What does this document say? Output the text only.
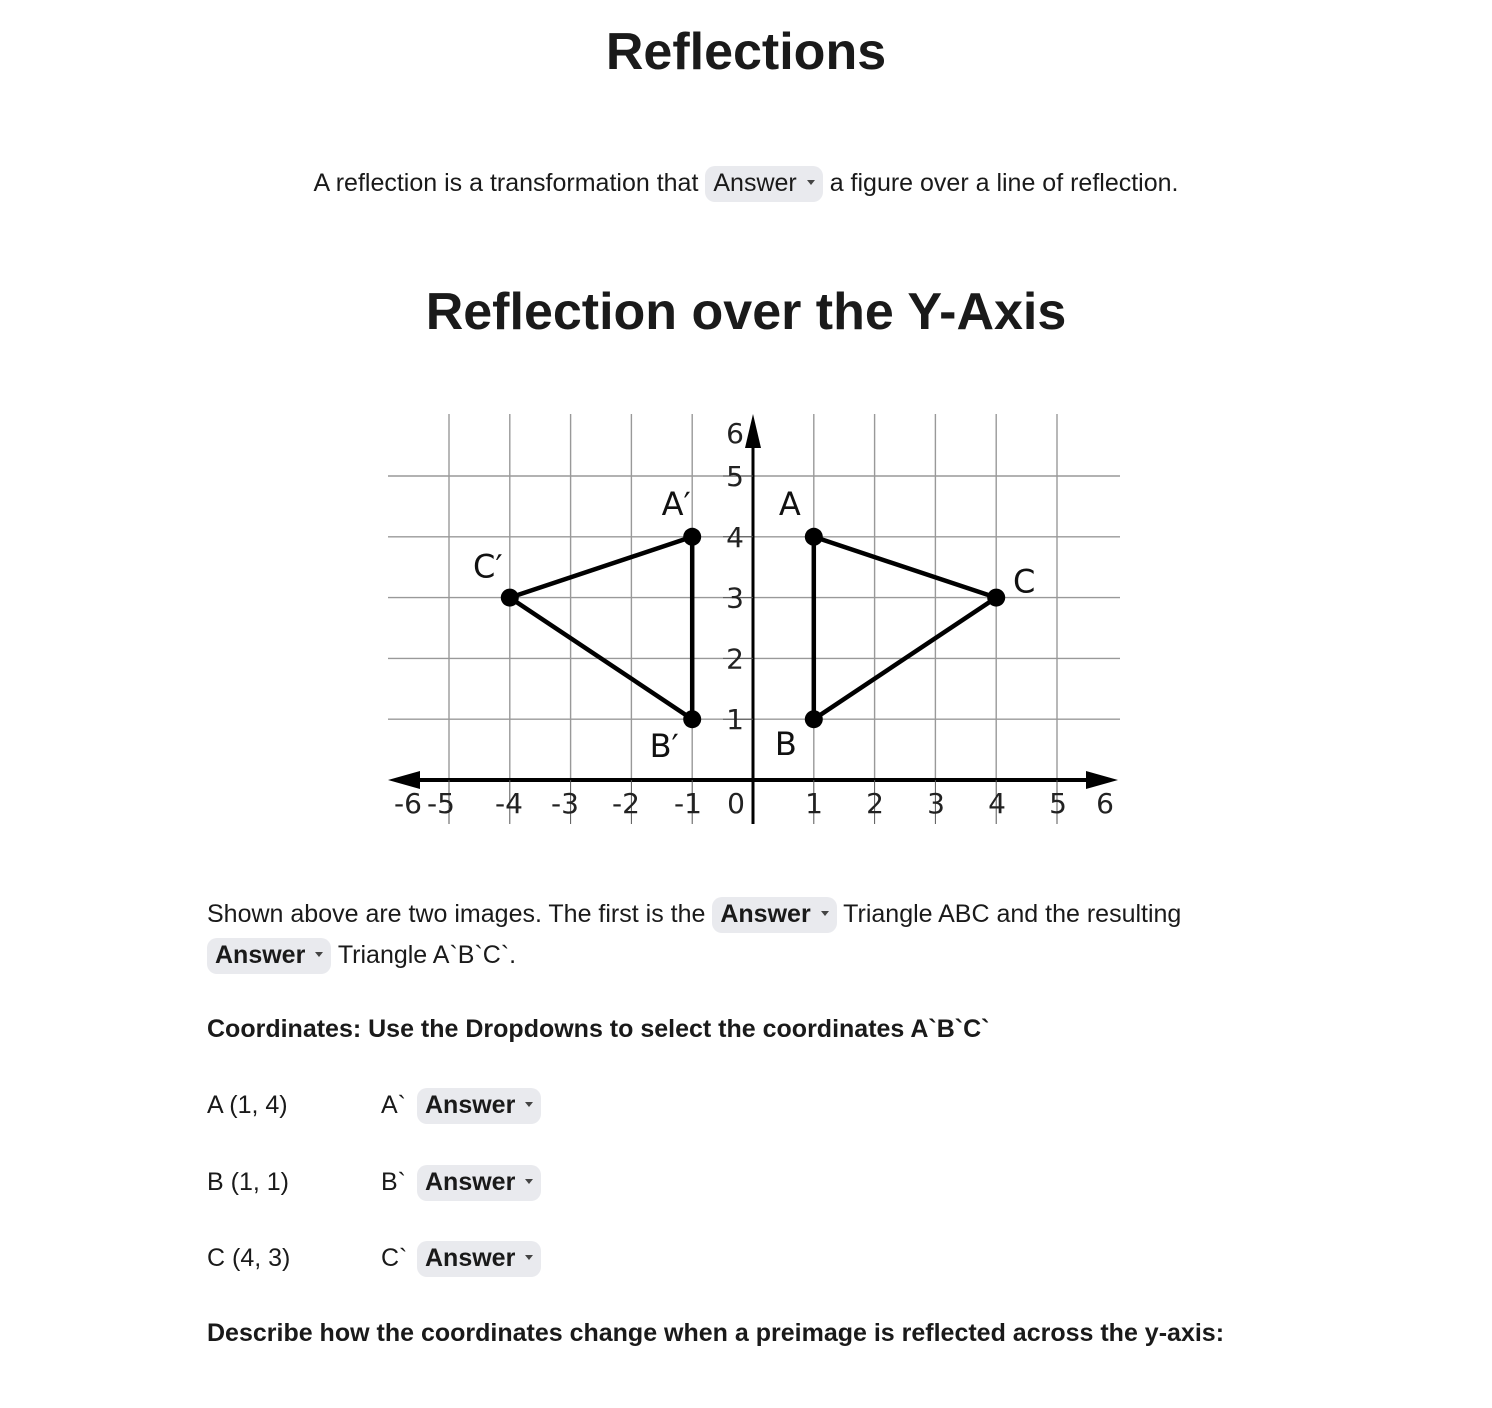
Reflections
A reflection is a transformation that Answer a figure over a line of reflection.
Reflection over the Y-Axis
-6 -5 -4 -3 -2 -1 0 1 2 3 4 5 6
1
2
3
4
5
6
A
B
C
A′
B′
C′
Shown above are two images. The first is the Answer Triangle ABC and the resulting Answer Triangle A`B`C`.
Coordinates: Use the Dropdowns to select the coordinates A`B`C`
A (1, 4)	A` Answer
B (1, 1)	B` Answer
C (4, 3)	C` Answer
Describe how the coordinates change when a preimage is reflected across the y-axis:
